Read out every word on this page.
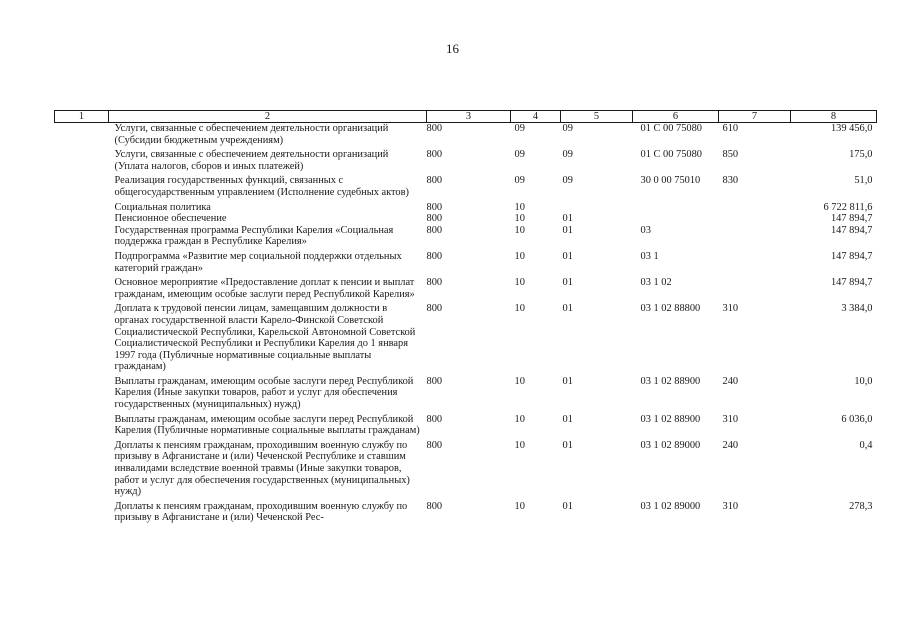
16
1	2	3	4	5	6	7	8
	Услуги, связанные с обеспечением деятельности организаций (Субсидии бюджетным учреждениям)	800	09	09	01 С 00 75080	610	139 456,0
	Услуги, связанные с обеспечением деятельности организаций (Уплата налогов, сборов и иных платежей)	800	09	09	01 С 00 75080	850	175,0
	Реализация государственных функций, связанных с общегосударственным управлением (Исполнение судебных актов)	800	09	09	30 0 00 75010	830	51,0
	Социальная политика	800	10				6 722 811,6
	Пенсионное обеспечение	800	10	01			147 894,7
	Государственная программа Республики Карелия «Социальная поддержка граждан в Республике Карелия»	800	10	01	03		147 894,7
	Подпрограмма «Развитие мер социальной поддержки отдельных категорий граждан»	800	10	01	03 1		147 894,7
	Основное мероприятие «Предоставление доплат к пенсии и выплат гражданам, имеющим особые заслуги перед Республикой Карелия»	800	10	01	03 1 02		147 894,7
	Доплата к трудовой пенсии лицам, замещавшим должности в органах государственной власти Карело-Финской Советской Социалистической Республики, Карельской Автономной Советской Социалистической Республики и Республики Карелия до 1 января 1997 года (Публичные нормативные социальные выплаты гражданам)	800	10	01	03 1 02 88800	310	3 384,0
	Выплаты гражданам, имеющим особые заслуги перед Республикой Карелия (Иные закупки товаров, работ и услуг для обеспечения государственных (муниципальных) нужд)	800	10	01	03 1 02 88900	240	10,0
	Выплаты гражданам, имеющим особые заслуги перед Республикой Карелия (Публичные нормативные социальные выплаты гражданам)	800	10	01	03 1 02 88900	310	6 036,0
	Доплаты к пенсиям гражданам, проходившим военную службу по призыву в Афганистане и (или) Чеченской Республике и ставшим инвалидами вследствие военной травмы (Иные закупки товаров, работ и услуг для обеспечения государственных (муниципальных) нужд)	800	10	01	03 1 02 89000	240	0,4
	Доплаты к пенсиям гражданам, проходившим военную службу по призыву в Афганистане и (или) Чеченской Рес-	800	10	01	03 1 02 89000	310	278,3
